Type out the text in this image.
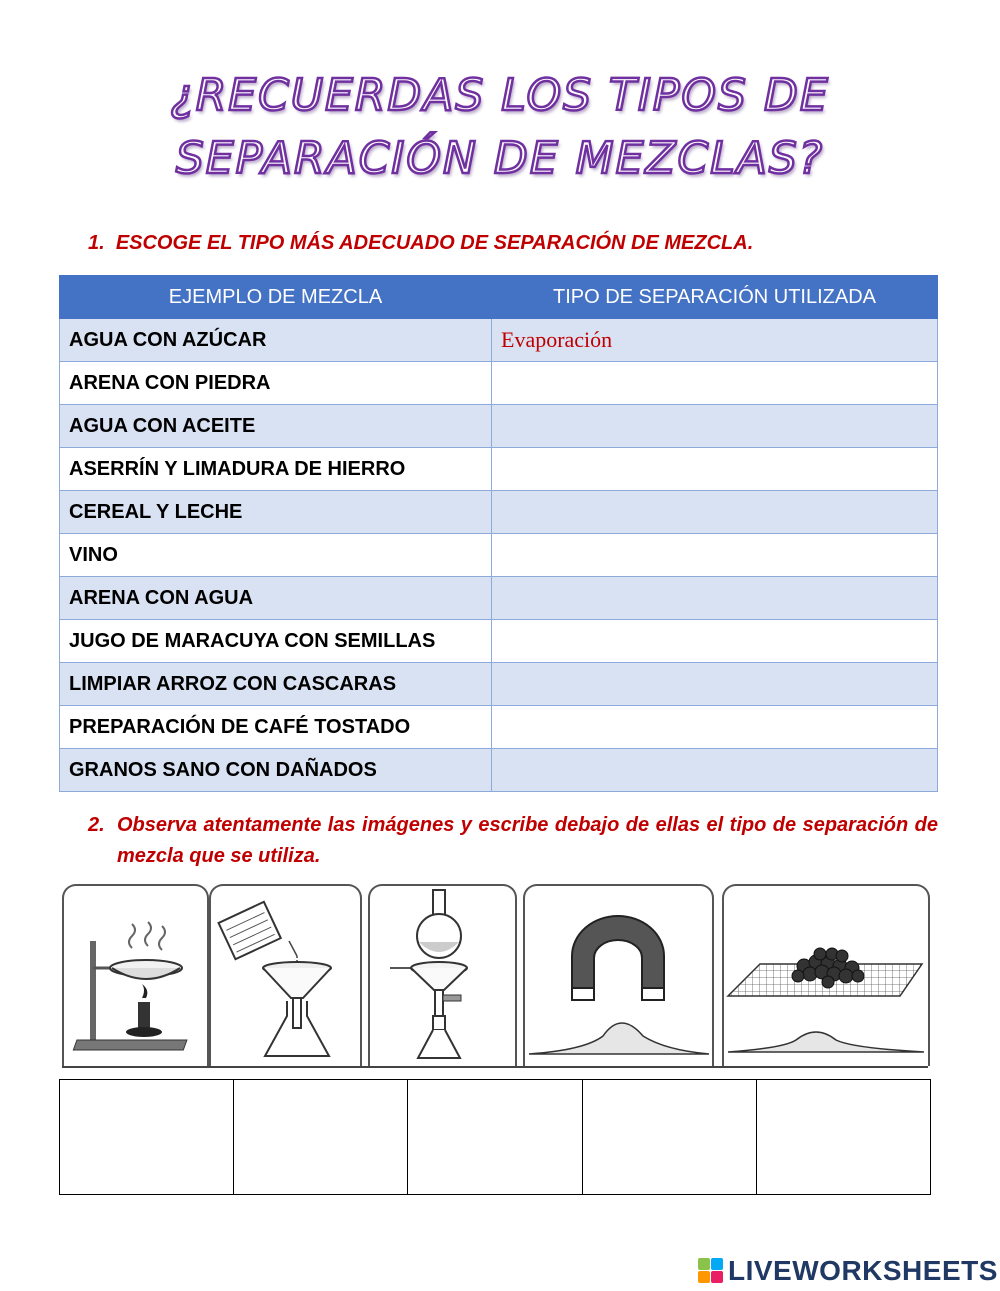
¿RECUERDAS LOS TIPOS DE
SEPARACIÓN DE MEZCLAS?
1. ESCOGE EL TIPO MÁS ADECUADO DE SEPARACIÓN DE MEZCLA.
EJEMPLO DE MEZCLA	TIPO DE SEPARACIÓN UTILIZADA
AGUA CON AZÚCAR	Evaporación
ARENA CON PIEDRA	
AGUA CON ACEITE	
ASERRÍN Y LIMADURA DE HIERRO	
CEREAL Y LECHE	
VINO	
ARENA CON AGUA	
JUGO DE MARACUYA CON SEMILLAS	
LIMPIAR ARROZ CON CASCARAS	
PREPARACIÓN DE CAFÉ TOSTADO	
GRANOS SANO CON DAÑADOS	
2. Observa atentamente las imágenes y escribe debajo de ellas el tipo de separación de mezcla que se utiliza.
LIVEWORKSHEETS
